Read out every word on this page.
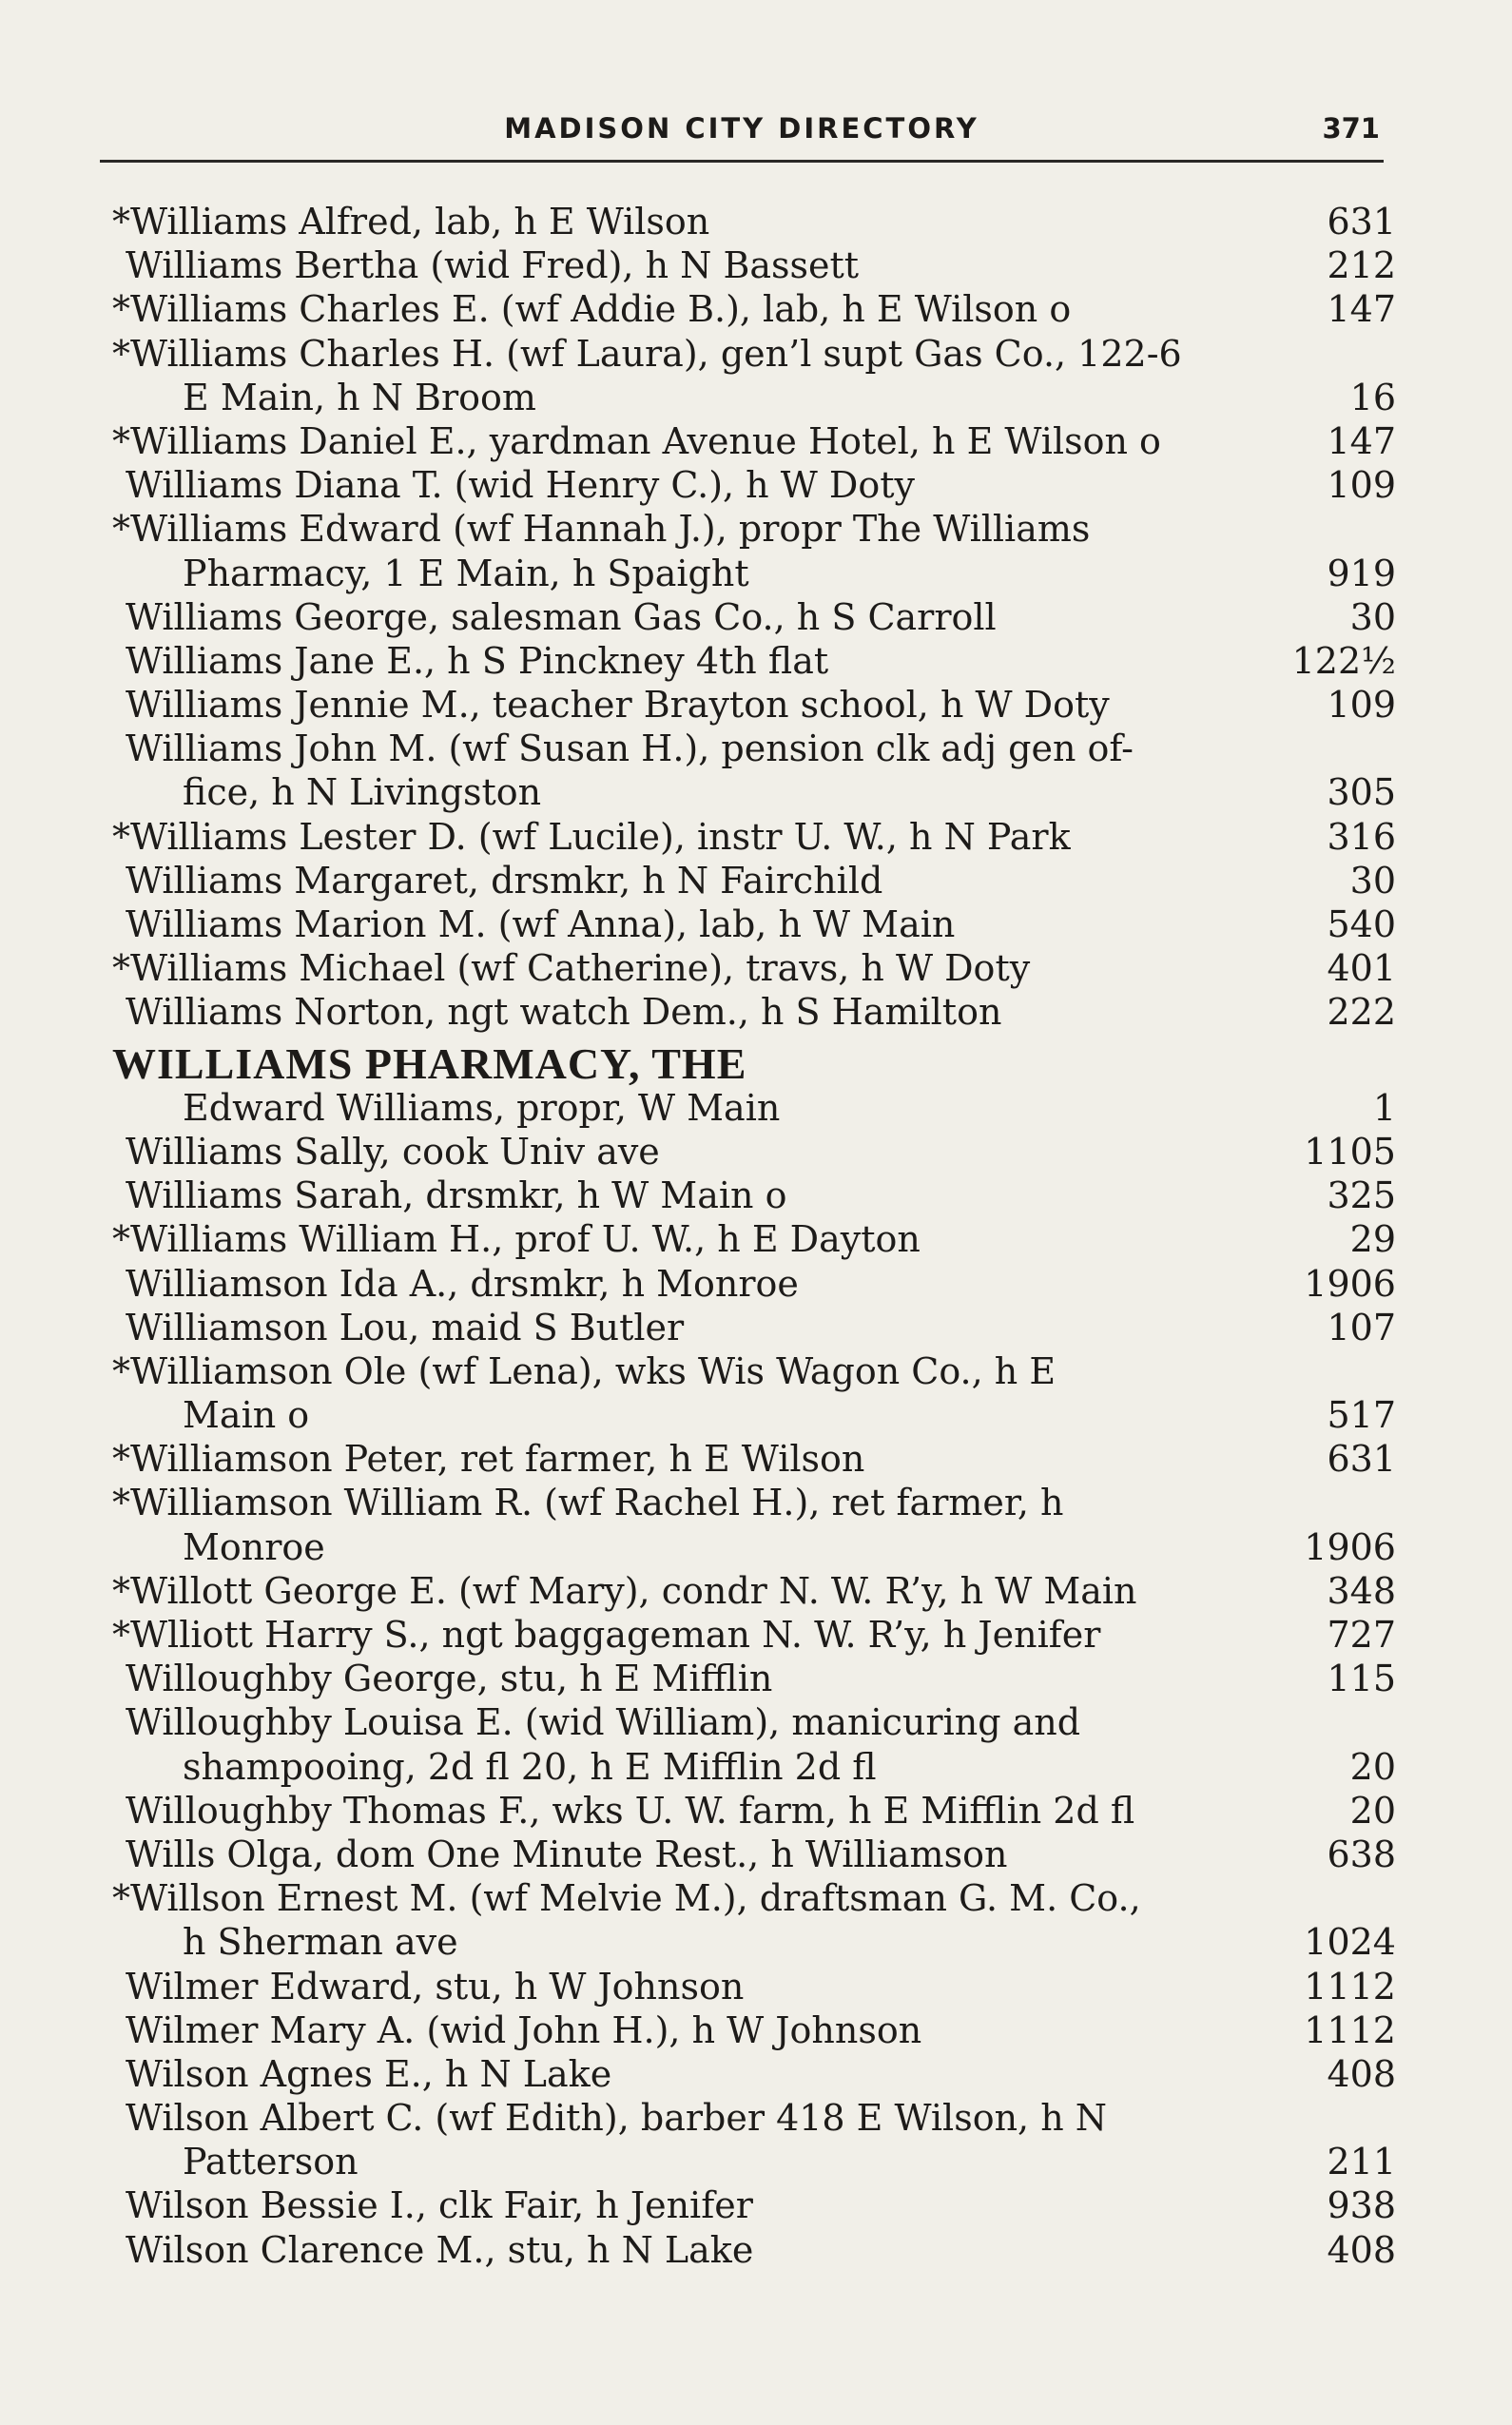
MADISON CITY DIRECTORY	371
*Williams Alfred, lab, h E Wilson	631
Williams Bertha (wid Fred), h N Bassett	212
*Williams Charles E. (wf Addie B.), lab, h E Wilson o	147
*Williams Charles H. (wf Laura), gen’l supt Gas Co., 122-6
E Main, h N Broom	16
*Williams Daniel E., yardman Avenue Hotel, h E Wilson o	147
Williams Diana T. (wid Henry C.), h W Doty	109
*Williams Edward (wf Hannah J.), propr The Williams
Pharmacy, 1 E Main, h Spaight	919
Williams George, salesman Gas Co., h S Carroll	30
Williams Jane E., h S Pinckney 4th flat	122½
Williams Jennie M., teacher Brayton school, h W Doty	109
Williams John M. (wf Susan H.), pension clk adj gen of-
fice, h N Livingston	305
*Williams Lester D. (wf Lucile), instr U. W., h N Park	316
Williams Margaret, drsmkr, h N Fairchild	30
Williams Marion M. (wf Anna), lab, h W Main	540
*Williams Michael (wf Catherine), travs, h W Doty	401
Williams Norton, ngt watch Dem., h S Hamilton	222
WILLIAMS PHARMACY, THE
Edward Williams, propr, W Main	1
Williams Sally, cook Univ ave	1105
Williams Sarah, drsmkr, h W Main o	325
*Williams William H., prof U. W., h E Dayton	29
Williamson Ida A., drsmkr, h Monroe	1906
Williamson Lou, maid S Butler	107
*Williamson Ole (wf Lena), wks Wis Wagon Co., h E
Main o	517
*Williamson Peter, ret farmer, h E Wilson	631
*Williamson William R. (wf Rachel H.), ret farmer, h
Monroe	1906
*Willott George E. (wf Mary), condr N. W. R’y, h W Main	348
*Wlliott Harry S., ngt baggageman N. W. R’y, h Jenifer	727
Willoughby George, stu, h E Mifflin	115
Willoughby Louisa E. (wid William), manicuring and
shampooing, 2d fl 20, h E Mifflin 2d fl	20
Willoughby Thomas F., wks U. W. farm, h E Mifflin 2d fl	20
Wills Olga, dom One Minute Rest., h Williamson	638
*Willson Ernest M. (wf Melvie M.), draftsman G. M. Co.,
h Sherman ave	1024
Wilmer Edward, stu, h W Johnson	1112
Wilmer Mary A. (wid John H.), h W Johnson	1112
Wilson Agnes E., h N Lake	408
Wilson Albert C. (wf Edith), barber 418 E Wilson, h N
Patterson	211
Wilson Bessie I., clk Fair, h Jenifer	938
Wilson Clarence M., stu, h N Lake	408
